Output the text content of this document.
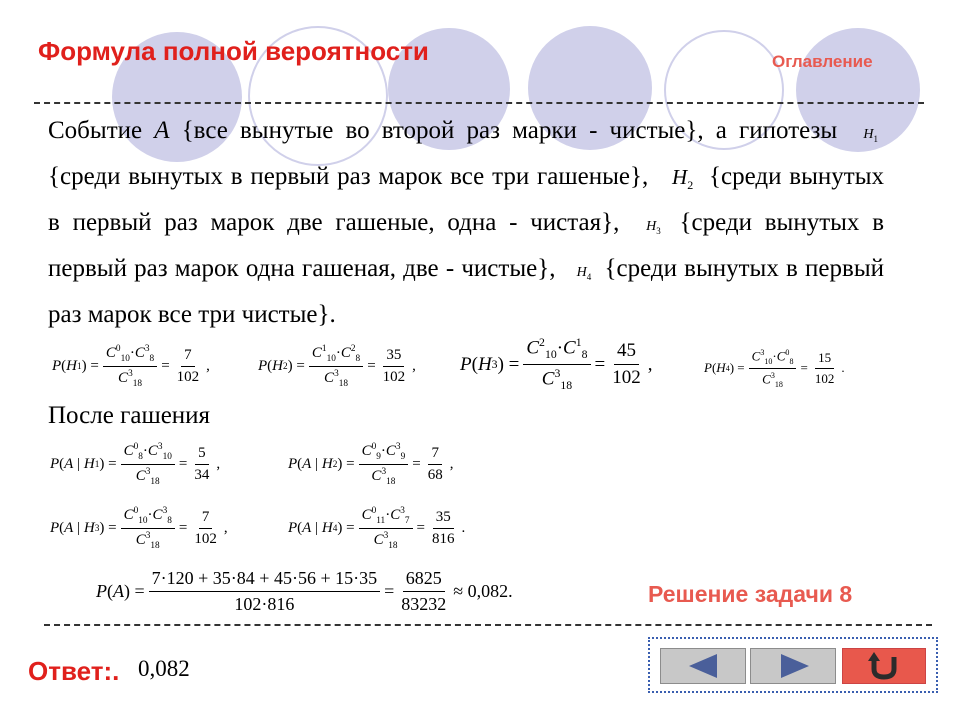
Формула полной вероятности	Оглавление
Событие A {все вынутые во второй раз марки - чистые}, а гипотезы $H_1$ {среди вынутых в первый раз марок все три гашеные}, $H_2$ {среди вынутых в первый раз марок две гашеные, одна - чистая}, $H_3$ {среди вынутых в первый раз марок одна гашеная, две - чистые}, $H_4$ {среди вынутых в первый раз марок все три чистые}.
P ( H 1 ) = $\frac{C^0_{10}\cdot C^3_8}{C^3_{18}} = \frac{7}{102}$ ,	P ( H 2 ) = $\frac{C^1_{10}\cdot C^2_8}{C^3_{18}} = \frac{35}{102}$ , P ( H 3 ) = $\frac{C^2_{10}\cdot C^1_8}{C^3_{18}} = \frac{45}{102}$ ,	P ( H 4 ) = $\frac{C^3_{10}\cdot C^0_8}{C^3_{18}} = \frac{15}{102}$ .
После гашения
P ( A | H 1 ) = $\frac{C^0_8\cdot C^3_{10}}{C^3_{18}} = \frac{5}{34}$ ,	P ( A | H 2 ) = $\frac{C^0_9\cdot C^3_9}{C^3_{18}} = \frac{7}{68}$ ,
P ( A | H 3 ) = $\frac{C^0_{10}\cdot C^3_8}{C^3_{18}} = \frac{7}{102}$ ,	P ( A | H 4 ) = $\frac{C^0_{11}\cdot C^3_7}{C^3_{18}} = \frac{35}{816}$ .
P ( A ) = $\frac{7\cdot 120 + 35\cdot 84 + 45\cdot 56 + 15\cdot 35}{102\cdot 816} = \frac{6825}{83232} \approx 0,082$ .	Решение задачи 8
Ответ:. 0,082
